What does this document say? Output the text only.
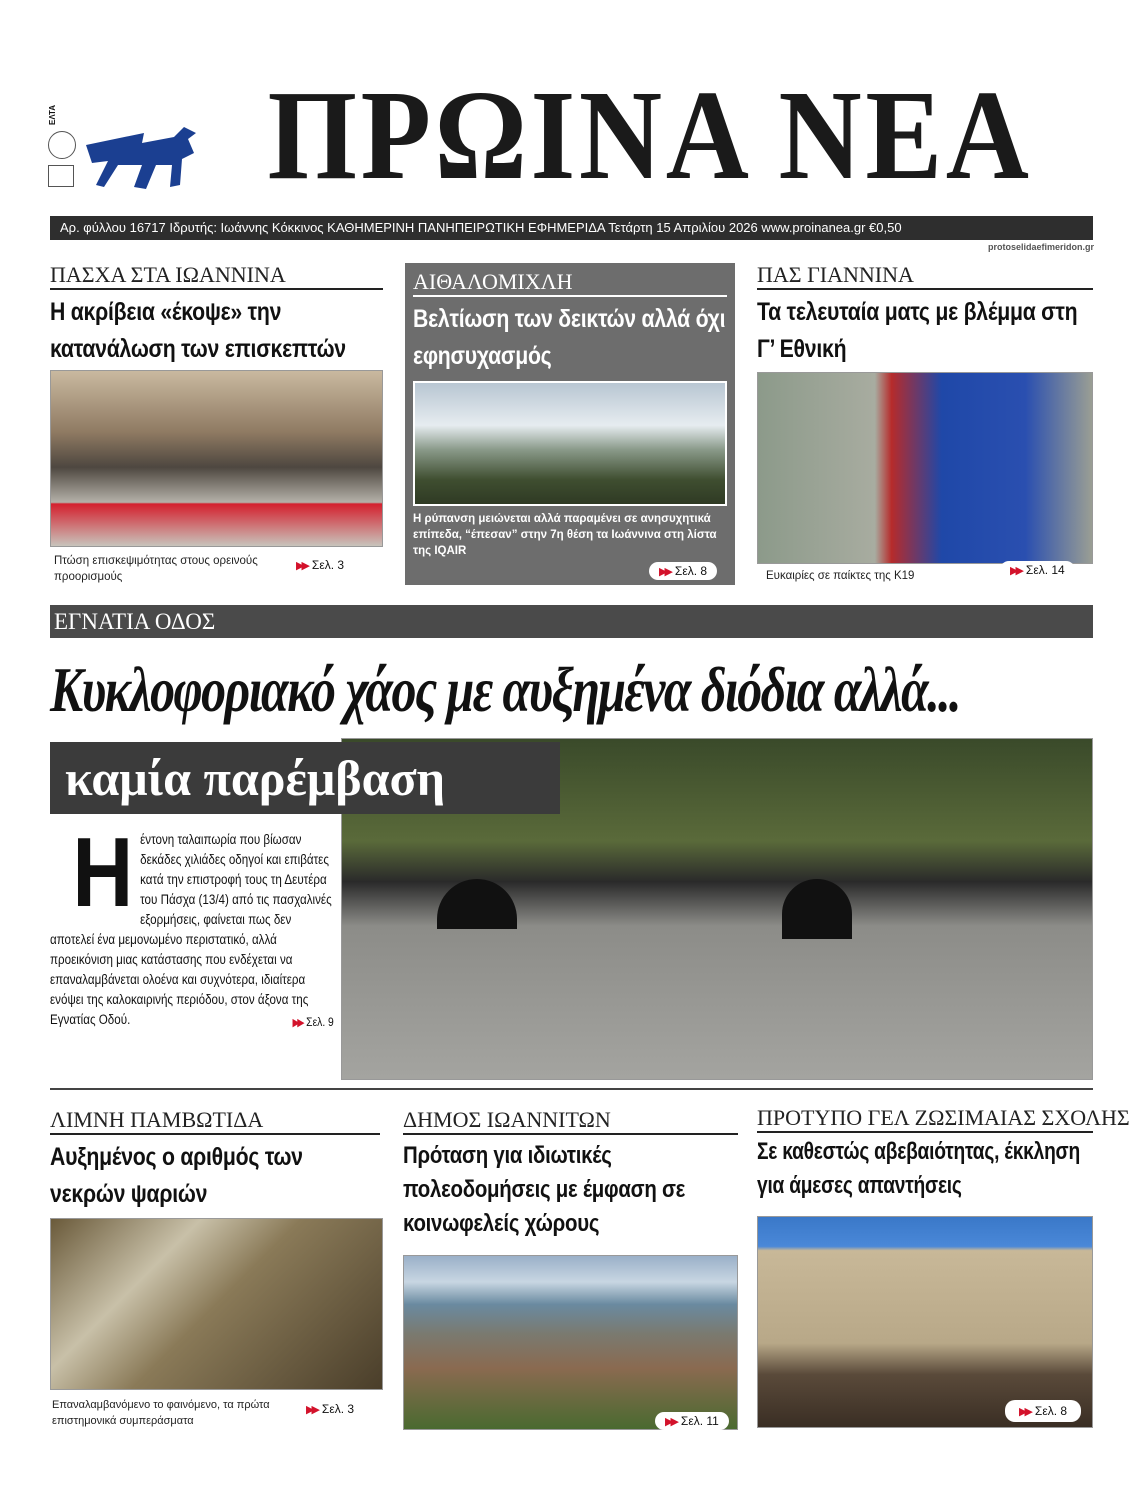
ΕΛΤΑ ΠΡΩΙΝΑ ΝΕΑ
Αρ. φύλλου 16717 Ιδρυτής: Ιωάννης Κόκκινος ΚΑΘΗΜΕΡΙΝΗ ΠΑΝΗΠΕΙΡΩΤΙΚΗ ΕΦΗΜΕΡΙΔΑ Τετάρτη 15 Απριλίου 2026 www.proinanea.gr €0,50
protoselidaefimeridon.gr
ΠΑΣΧΑ ΣΤΑ ΙΩΑΝΝΙΝΑ
Η ακρίβεια «έκοψε» την κατανάλωση των επισκεπτών
Πτώση επισκεψιμότητας στους ορεινούς προορισμούς
▶▶ Σελ. 3
ΑΙΘΑΛΟΜΙΧΛΗ
Βελτίωση των δεικτών αλλά όχι εφησυχασμός
Η ρύπανση μειώνεται αλλά παραμένει σε ανησυχητικά επίπεδα, “έπεσαν” στην 7η θέση τα Ιωάννινα στη λίστα της IQAIR
▶▶ Σελ. 8
ΠΑΣ ΓΙΑΝΝΙΝΑ
Τα τελευταία ματς με βλέμμα στη Γ’ Εθνική
Ευκαιρίες σε παίκτες της Κ19	▶▶ Σελ. 14
ΕΓΝΑΤΙΑ ΟΔΟΣ
Κυκλοφοριακό χάος με αυξημένα διόδια αλλά...
καμία παρέμβαση
Ηέντονη ταλαιπωρία που βίωσαν δεκάδες χιλιάδες οδηγοί και επιβάτες κατά την επιστροφή τους τη Δευτέρα του Πάσχα (13/4) από τις πασχαλινές εξορμήσεις, φαίνεται πως δεν αποτελεί ένα μεμονωμένο περιστατικό, αλλά προεικόνιση μιας κατάστασης που ενδέχεται να επαναλαμβάνεται ολοένα και συχνότερα, ιδιαίτερα ενόψει της καλοκαιρινής περιόδου, στον άξονα της Εγνατίας Οδού.	▶▶ Σελ. 9
ΛΙΜΝΗ ΠΑΜΒΩΤΙΔΑ
Αυξημένος ο αριθμός των νεκρών ψαριών
Επαναλαμβανόμενο το φαινόμενο, τα πρώτα επιστημονικά συμπεράσματα
▶▶ Σελ. 3
ΔΗΜΟΣ ΙΩΑΝΝΙΤΩΝ
Πρόταση για ιδιωτικές πολεοδομήσεις με έμφαση σε κοινωφελείς χώρους
▶▶ Σελ. 11
ΠΡΟΤΥΠΟ ΓΕΛ ΖΩΣΙΜΑΙΑΣ ΣΧΟΛΗΣ
Σε καθεστώς αβεβαιότητας, έκκληση για άμεσες απαντήσεις
▶▶ Σελ. 8
